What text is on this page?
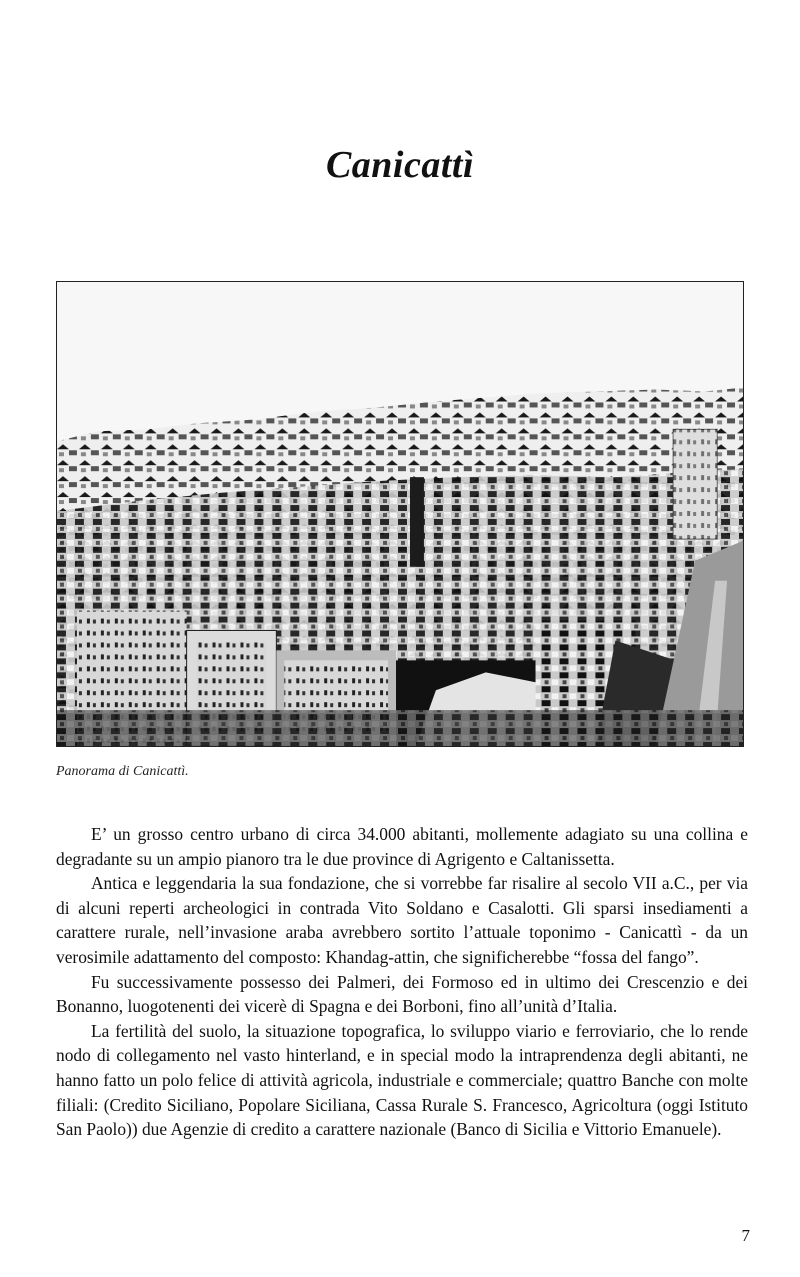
Canicattì
Panorama di Canicattì.

E’ un grosso centro urbano di circa 34.000 abitanti, mollemente adagiato su una collina e degradante su un ampio pianoro tra le due province di Agrigento e Caltanissetta.

Antica e leggendaria la sua fondazione, che si vorrebbe far risalire al secolo VII a.C., per via di alcuni reperti archeologici in contrada Vito Soldano e Casalotti. Gli sparsi insediamenti a carattere rurale, nell’invasione araba avrebbero sortito l’attuale toponimo - Canicattì - da un verosimile adattamento del composto: Khandag-attin, che significherebbe “fossa del fango”.

Fu successivamente possesso dei Palmeri, dei Formoso ed in ultimo dei Crescenzio e dei Bonanno, luogotenenti dei vicerè di Spagna e dei Borboni, fino all’unità d’Italia.

La fertilità del suolo, la situazione topografica, lo sviluppo viario e ferroviario, che lo rende nodo di collegamento nel vasto hinterland, e in special modo la intraprendenza degli abitanti, ne hanno fatto un polo felice di attività agricola, industriale e commerciale; quattro Banche con molte filiali: (Credito Siciliano, Popolare Siciliana, Cassa Rurale S. Francesco, Agricoltura (oggi Istituto San Paolo)) due Agenzie di credito a carattere nazionale (Banco di Sicilia e Vittorio Emanuele).

7
